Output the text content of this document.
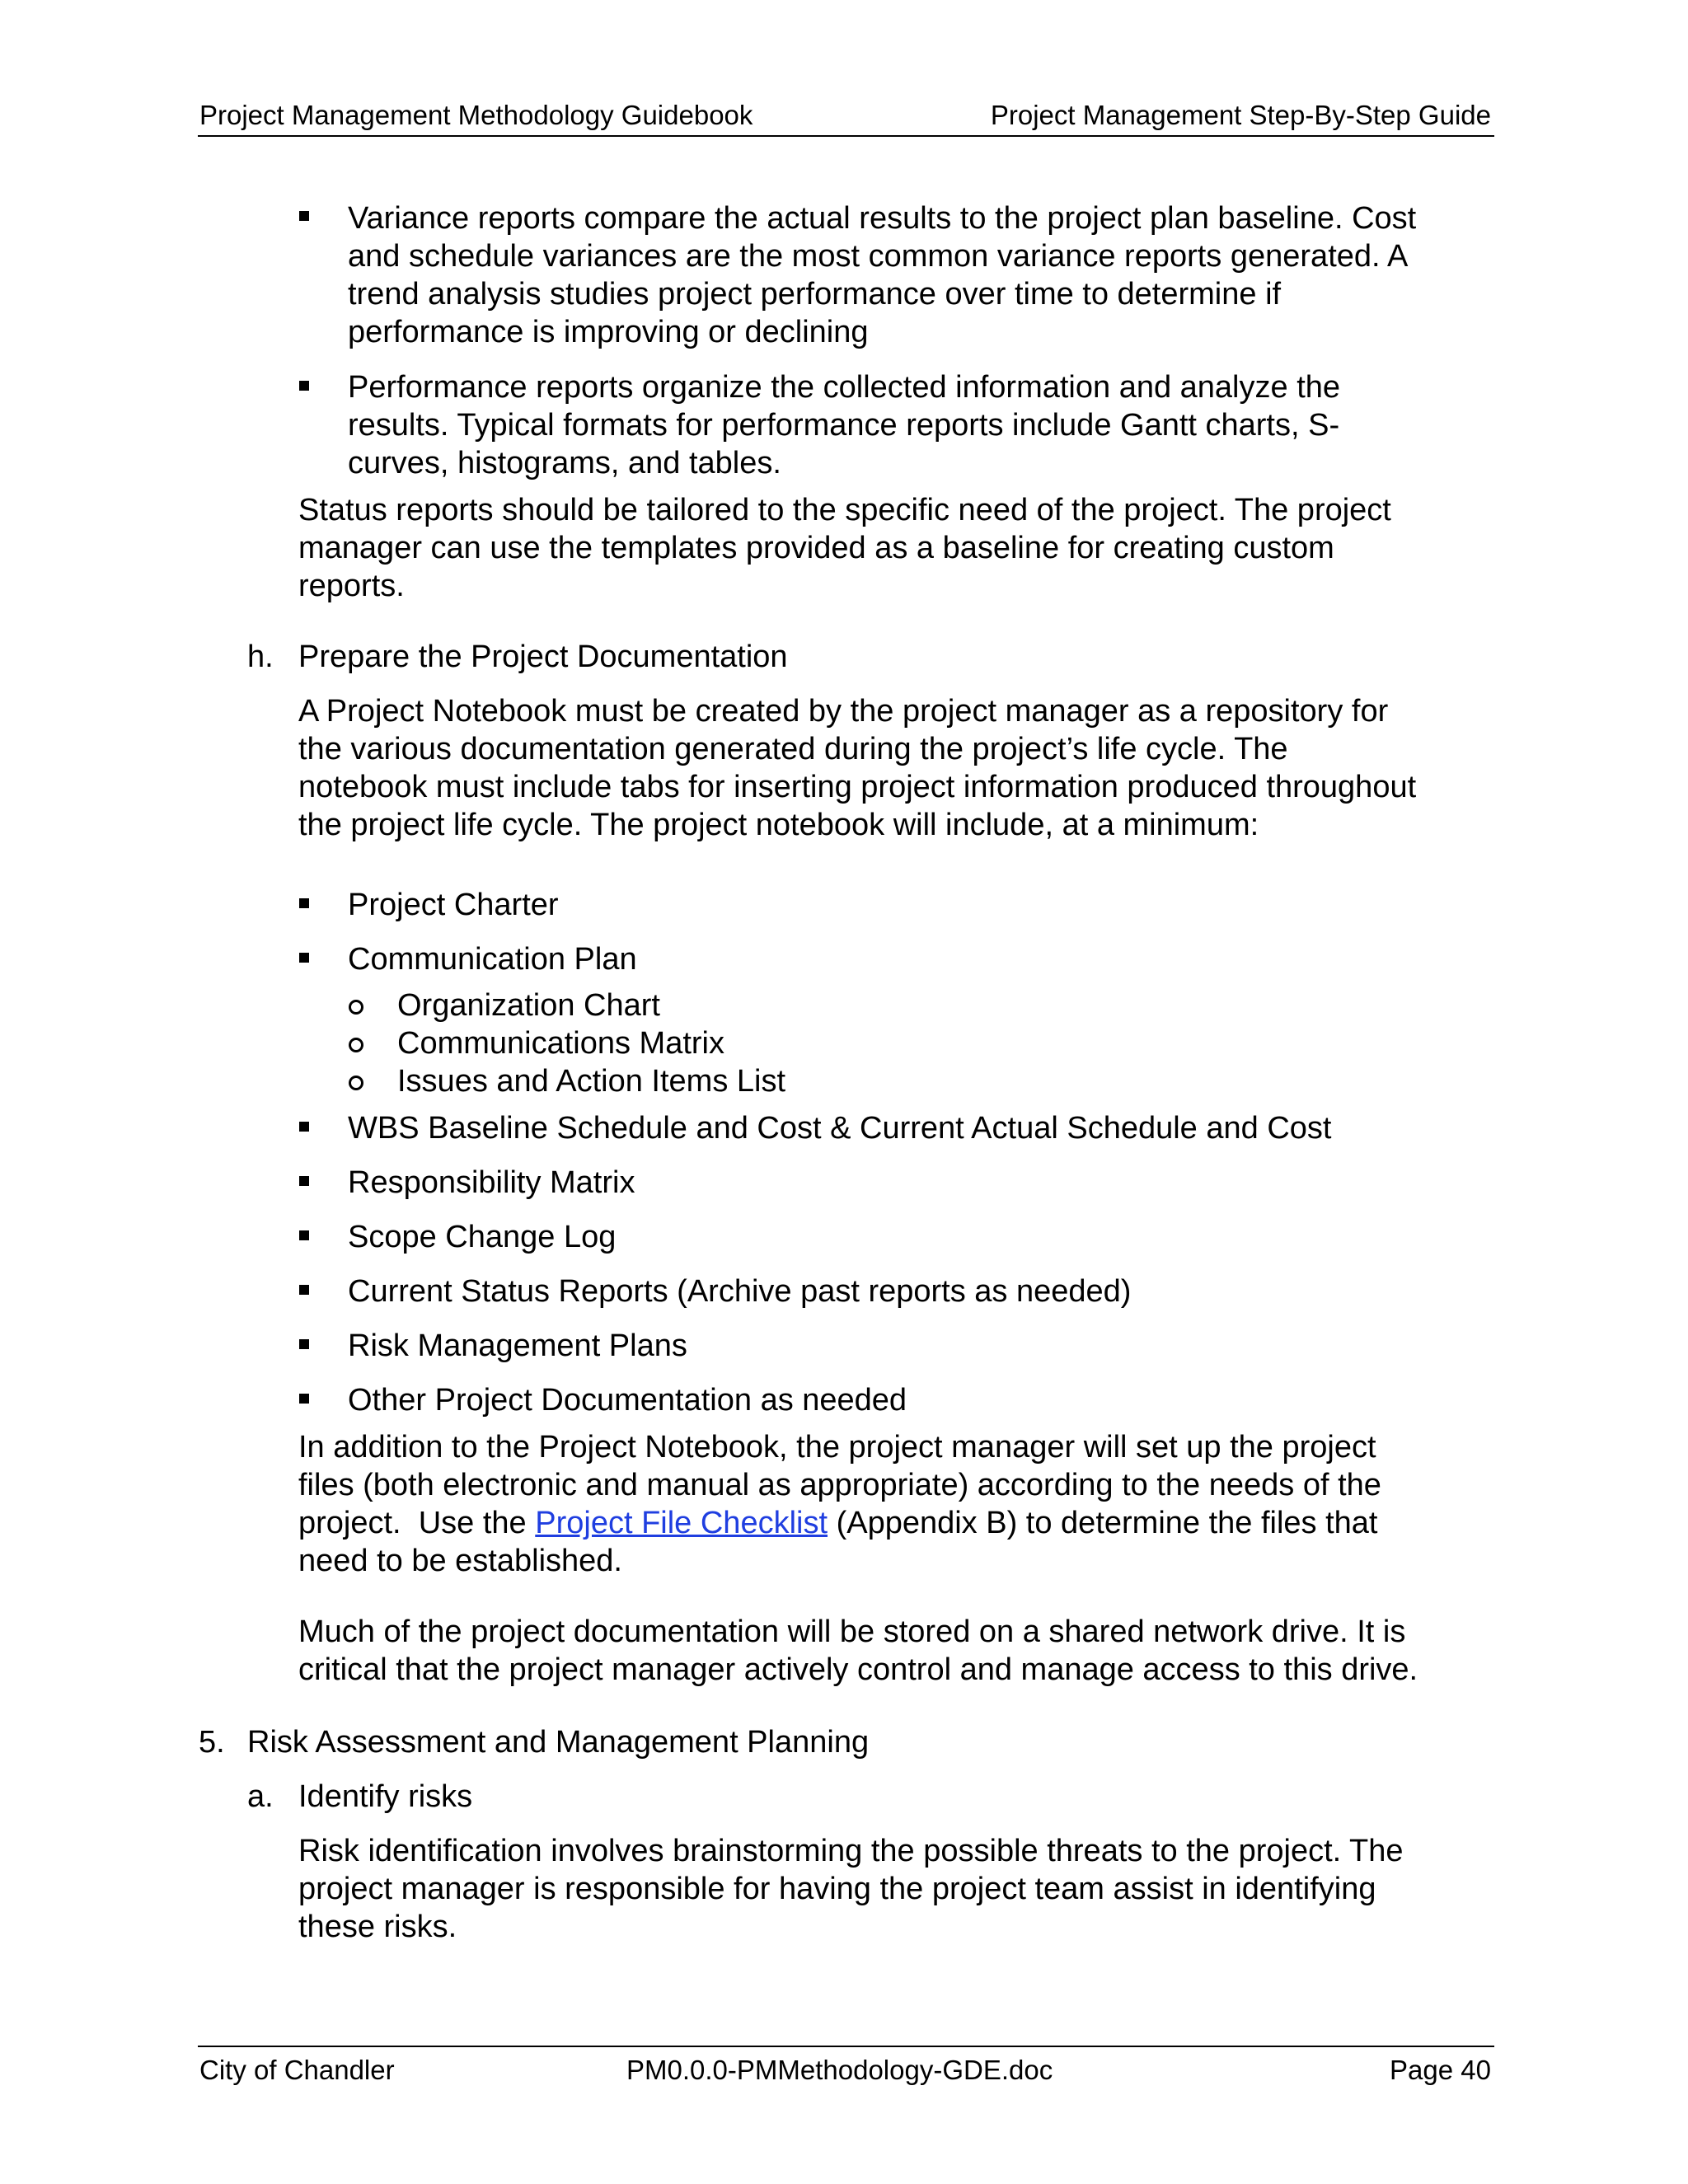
Project Management Methodology Guidebook	Project Management Step-By-Step Guide
Variance reports compare the actual results to the project plan baseline. Cost
and schedule variances are the most common variance reports generated. A
trend analysis studies project performance over time to determine if
performance is improving or declining
Performance reports organize the collected information and analyze the
results. Typical formats for performance reports include Gantt charts, S-
curves, histograms, and tables.
Status reports should be tailored to the specific need of the project. The project
manager can use the templates provided as a baseline for creating custom
reports.
h. Prepare the Project Documentation
A Project Notebook must be created by the project manager as a repository for
the various documentation generated during the project’s life cycle. The
notebook must include tabs for inserting project information produced throughout
the project life cycle. The project notebook will include, at a minimum:
Project Charter
Communication Plan
Organization Chart
Communications Matrix
Issues and Action Items List
WBS Baseline Schedule and Cost & Current Actual Schedule and Cost
Responsibility Matrix
Scope Change Log
Current Status Reports (Archive past reports as needed)
Risk Management Plans
Other Project Documentation as needed
In addition to the Project Notebook, the project manager will set up the project
files (both electronic and manual as appropriate) according to the needs of the
project.  Use the Project File Checklist (Appendix B) to determine the files that
need to be established.
Much of the project documentation will be stored on a shared network drive. It is
critical that the project manager actively control and manage access to this drive.
5. Risk Assessment and Management Planning
a. Identify risks
Risk identification involves brainstorming the possible threats to the project. The
project manager is responsible for having the project team assist in identifying
these risks.
City of Chandler	PM0.0.0-PMMethodology-GDE.doc	Page 40
